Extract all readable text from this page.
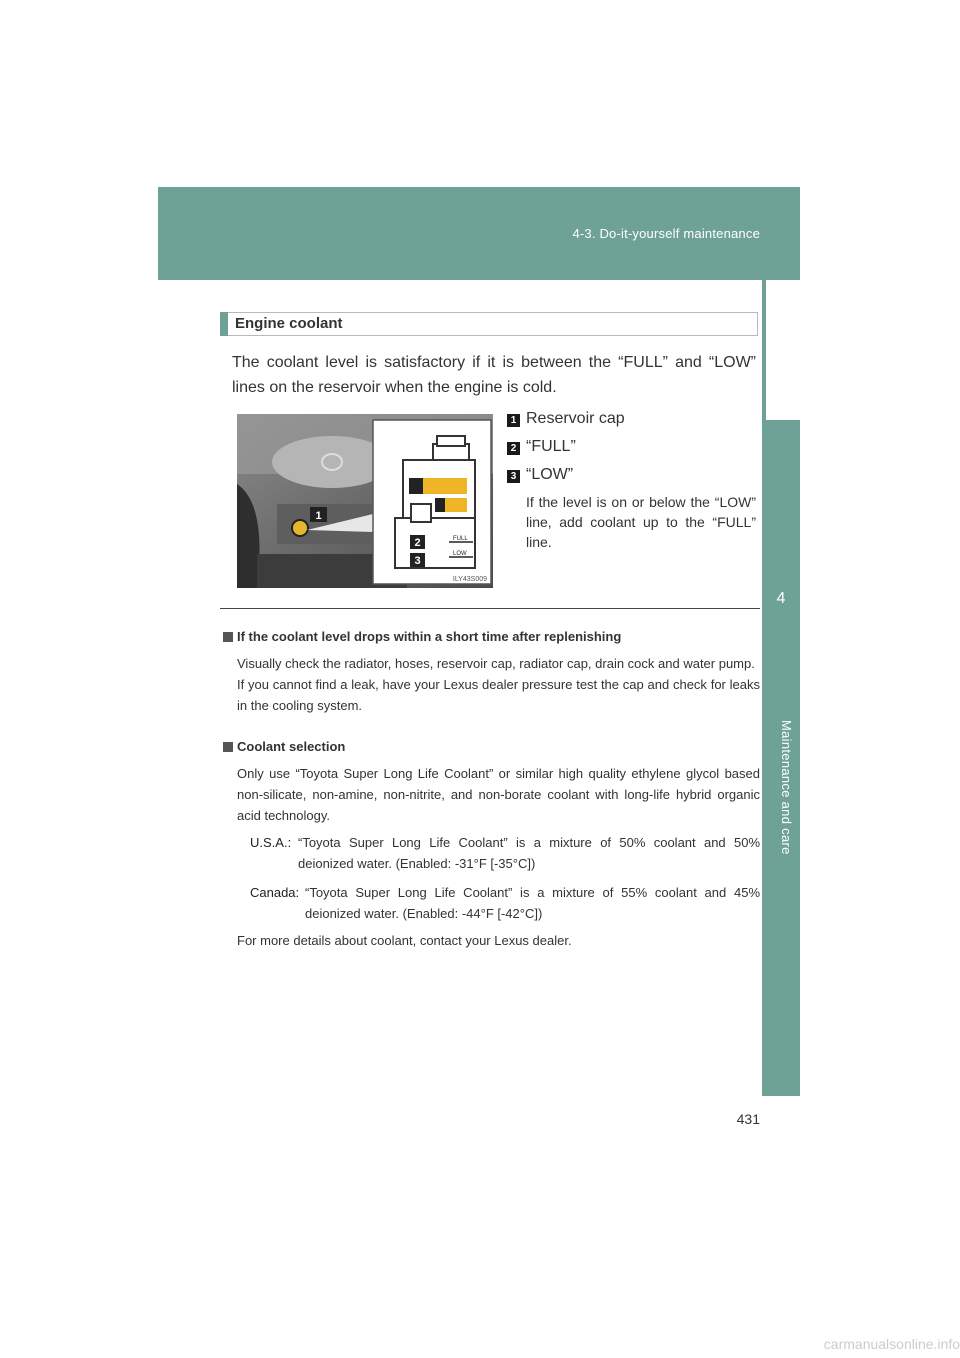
4-3. Do-it-yourself maintenance
4
Maintenance and care
Engine coolant
The coolant level is satisfactory if it is between the “FULL” and “LOW” lines on the reservoir when the engine is cold.
1
2
3
FULL
LOW
ILY43S009
1 Reservoir cap
2 “FULL”
3 “LOW”
If the level is on or below the “LOW” line, add coolant up to the “FULL” line.
If the coolant level drops within a short time after replenishing
Visually check the radiator, hoses, reservoir cap, radiator cap, drain cock and water pump.
If you cannot find a leak, have your Lexus dealer pressure test the cap and check for leaks in the cooling system.
Coolant selection
Only use “Toyota Super Long Life Coolant” or similar high quality ethylene glycol based non-silicate, non-amine, non-nitrite, and non-borate coolant with long-life hybrid organic acid technology.
U.S.A.: “Toyota Super Long Life Coolant” is a mixture of 50% coolant and 50% deionized water. (Enabled: -31°F [-35°C])
Canada: “Toyota Super Long Life Coolant” is a mixture of 55% coolant and 45% deionized water. (Enabled: -44°F [-42°C])
For more details about coolant, contact your Lexus dealer.
431
carmanualsonline.info
